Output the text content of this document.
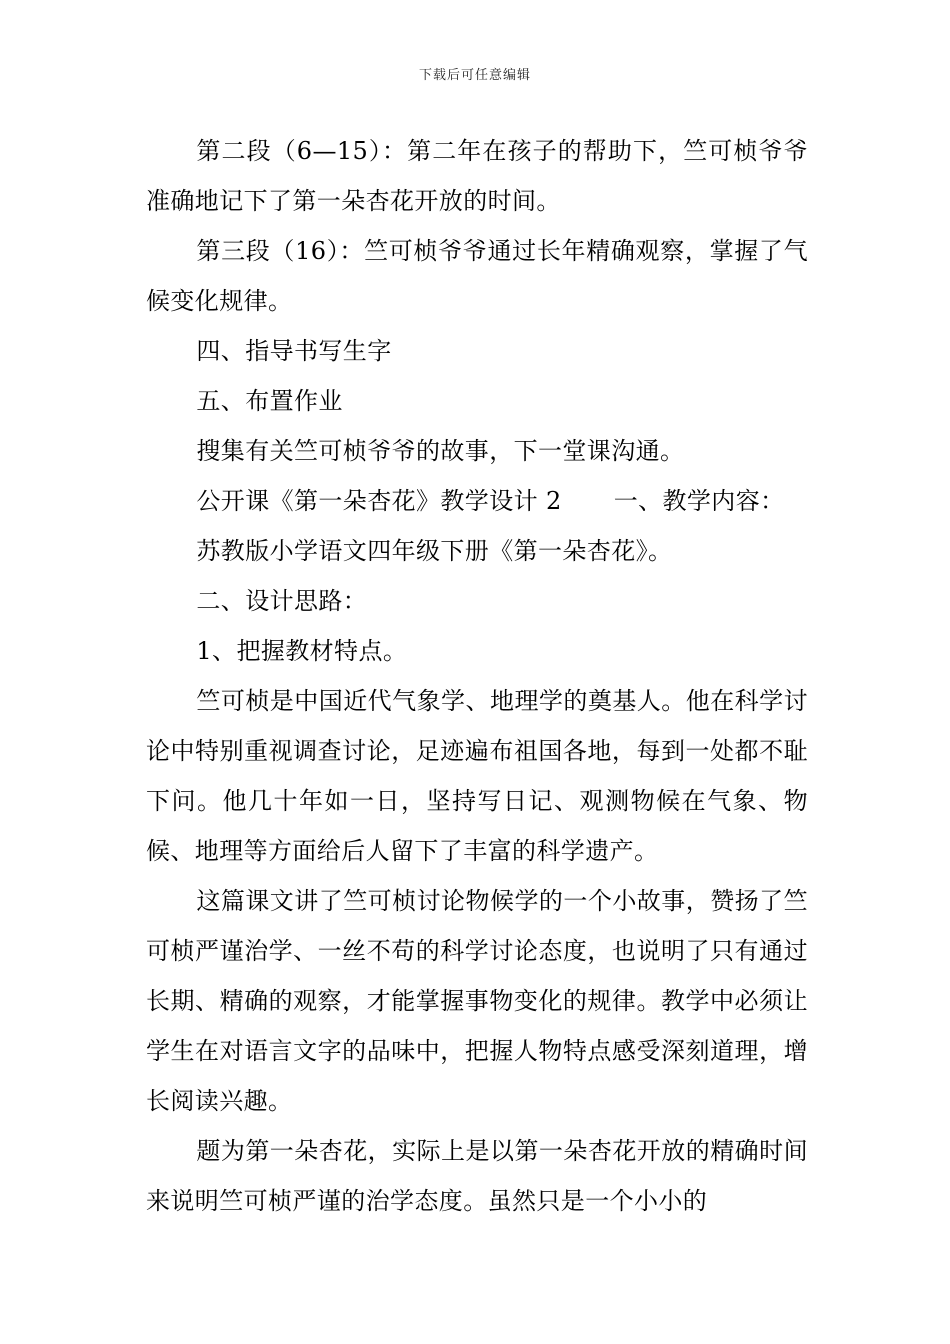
下载后可任意编辑

第二段（6—15）：第二年在孩子的帮助下，竺可桢爷爷准确地记下了第一朵杏花开放的时间。

第三段（16）：竺可桢爷爷通过长年精确观察，掌握了气候变化规律。

四、指导书写生字

五、布置作业

搜集有关竺可桢爷爷的故事，下一堂课沟通。

公开课《第一朵杏花》教学设计 2 一、教学内容：

苏教版小学语文四年级下册《第一朵杏花》。

二、设计思路：

1、把握教材特点。

竺可桢是中国近代气象学、地理学的奠基人。他在科学讨论中特别重视调查讨论，足迹遍布祖国各地，每到一处都不耻下问。他几十年如一日，坚持写日记、观测物候在气象、物候、地理等方面给后人留下了丰富的科学遗产。

这篇课文讲了竺可桢讨论物候学的一个小故事，赞扬了竺可桢严谨治学、一丝不苟的科学讨论态度，也说明了只有通过长期、精确的观察，才能掌握事物变化的规律。教学中必须让学生在对语言文字的品味中，把握人物特点感受深刻道理，增长阅读兴趣。

题为第一朵杏花，实际上是以第一朵杏花开放的精确时间来说明竺可桢严谨的治学态度。虽然只是一个小小的
